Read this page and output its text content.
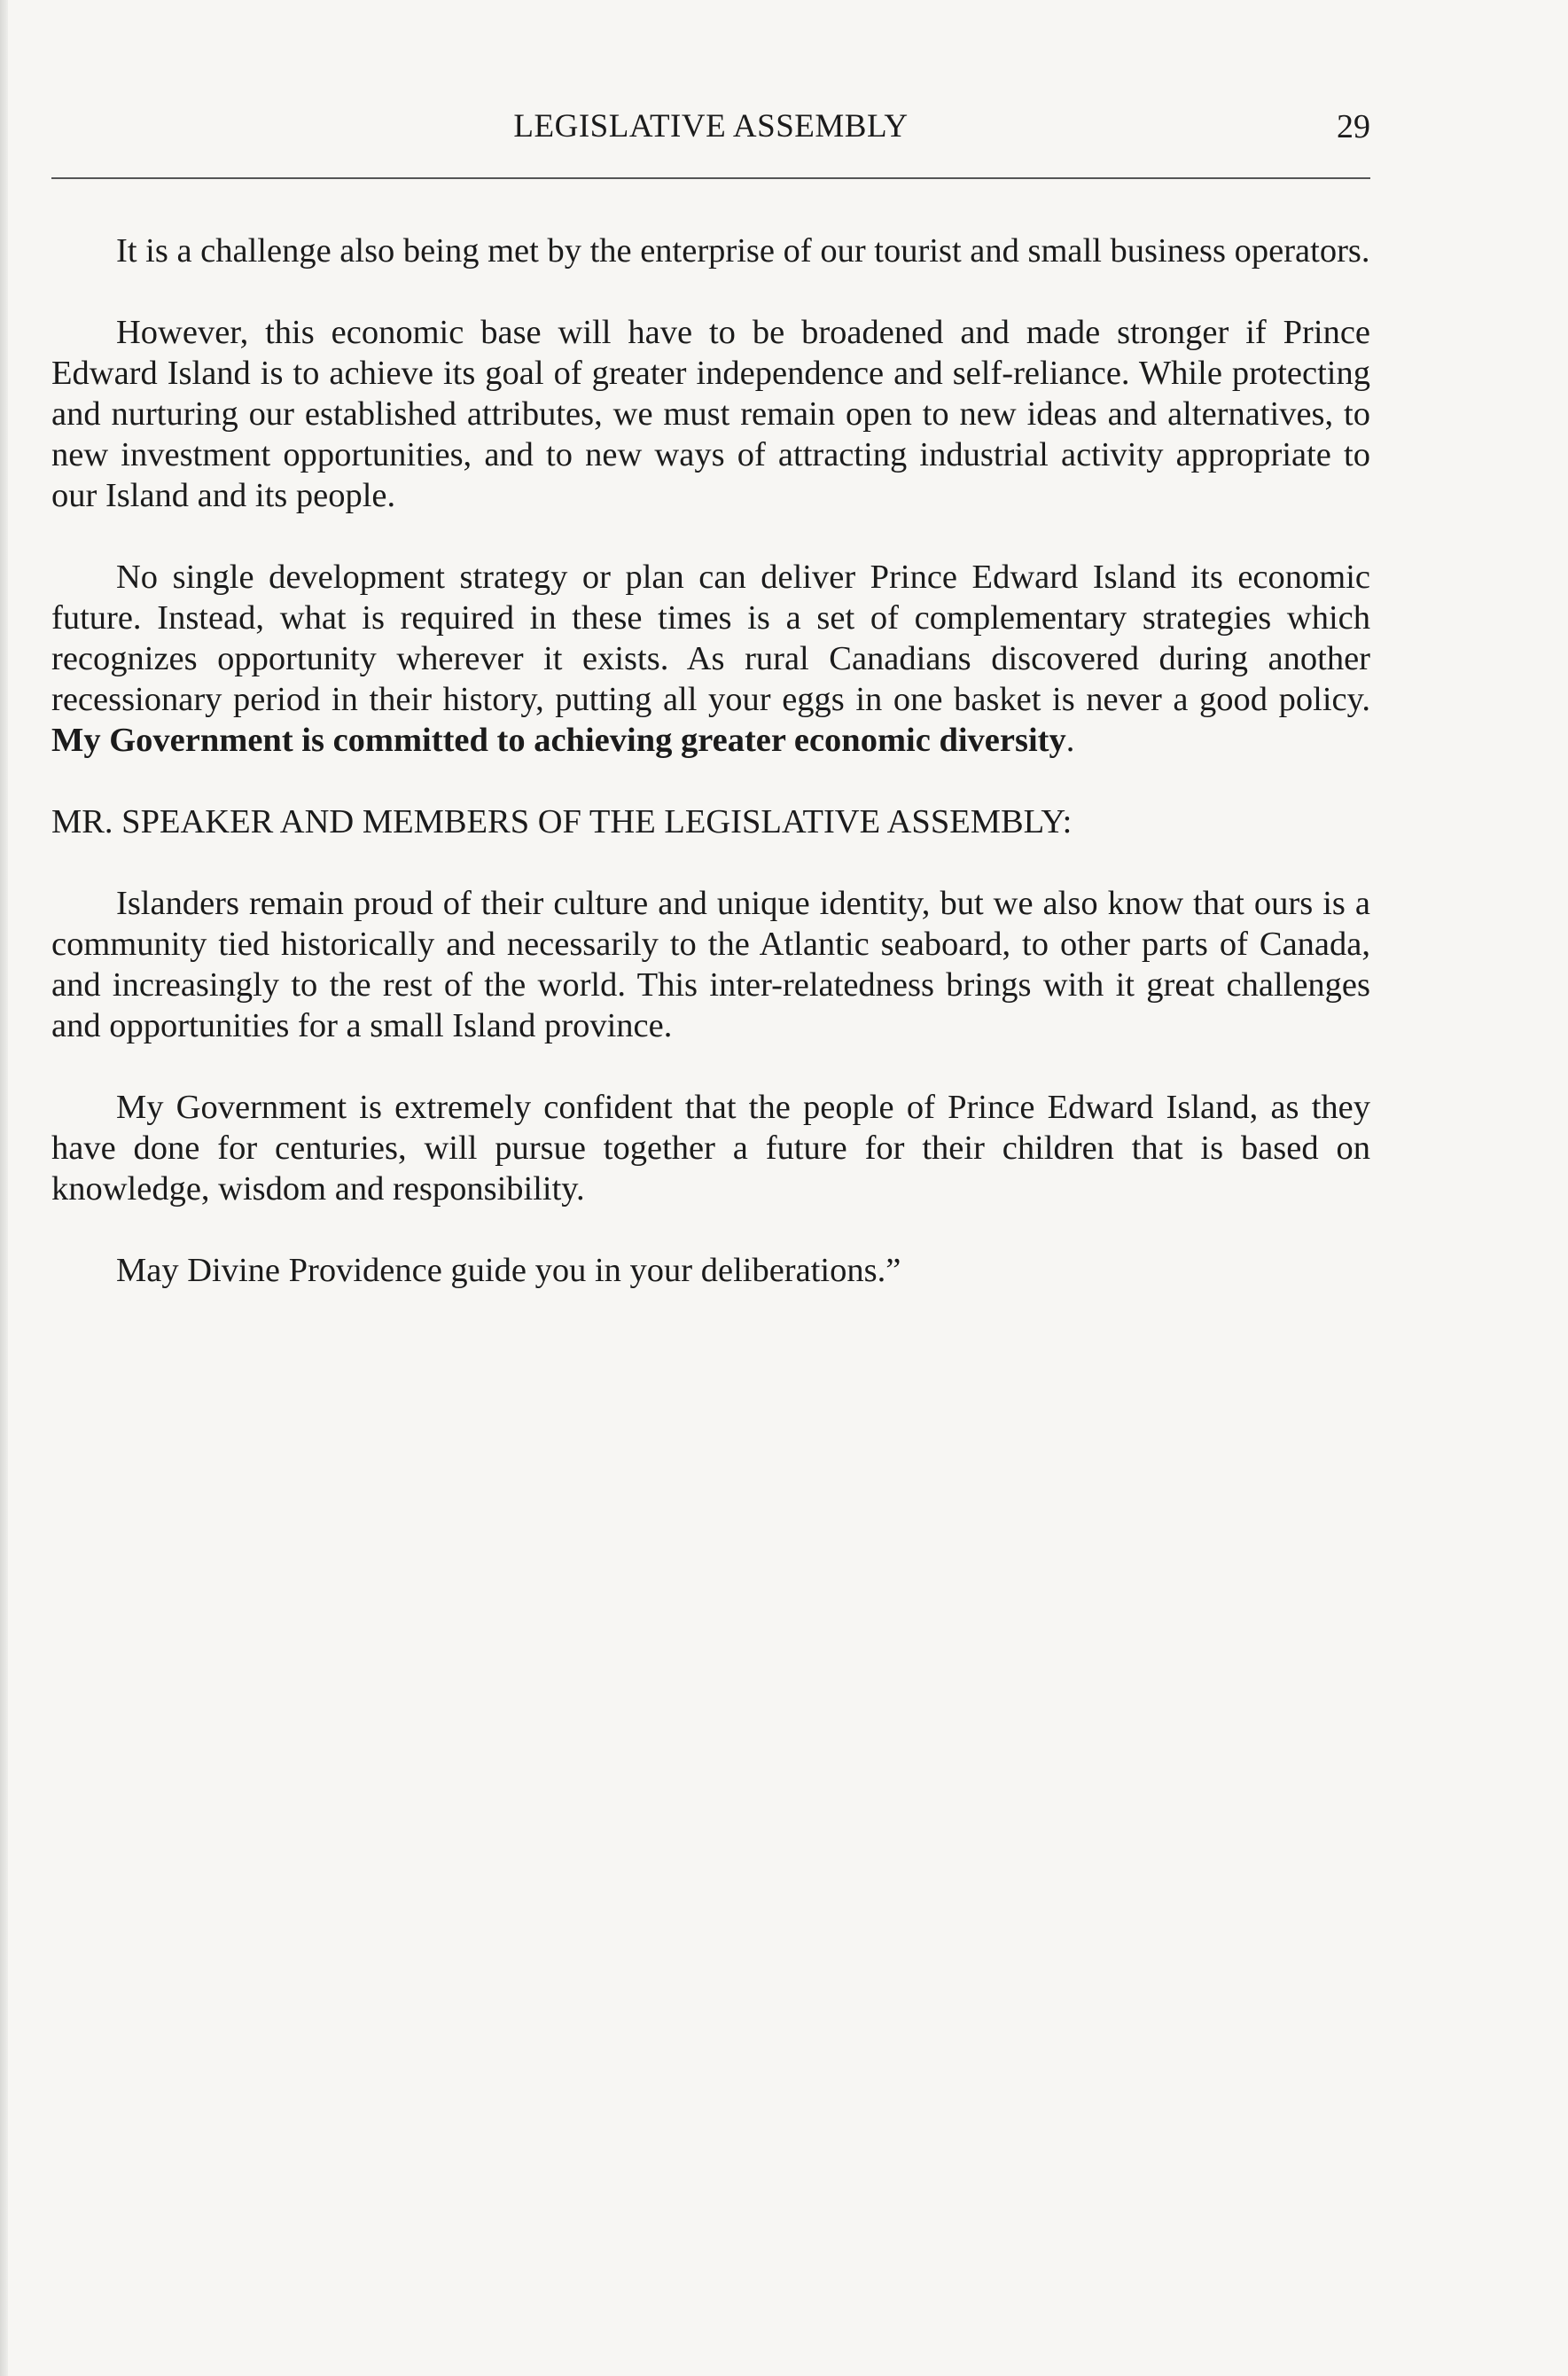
LEGISLATIVE ASSEMBLY	29

It is a challenge also being met by the enterprise of our tourist and small business operators.

However, this economic base will have to be broadened and made stronger if Prince Edward Island is to achieve its goal of greater independence and self-reliance. While protecting and nurturing our established attributes, we must remain open to new ideas and alternatives, to new investment opportunities, and to new ways of attracting industrial activity appropriate to our Island and its people.

No single development strategy or plan can deliver Prince Edward Island its economic future. Instead, what is required in these times is a set of complementary strategies which recognizes opportunity wherever it exists. As rural Canadians discovered during another recessionary period in their history, putting all your eggs in one basket is never a good policy. My Government is committed to achieving greater economic diversity.

MR. SPEAKER AND MEMBERS OF THE LEGISLATIVE ASSEMBLY:

Islanders remain proud of their culture and unique identity, but we also know that ours is a community tied historically and necessarily to the Atlantic seaboard, to other parts of Canada, and increasingly to the rest of the world. This inter-relatedness brings with it great challenges and opportunities for a small Island province.

My Government is extremely confident that the people of Prince Edward Island, as they have done for centuries, will pursue together a future for their children that is based on knowledge, wisdom and responsibility.

May Divine Providence guide you in your deliberations.”
